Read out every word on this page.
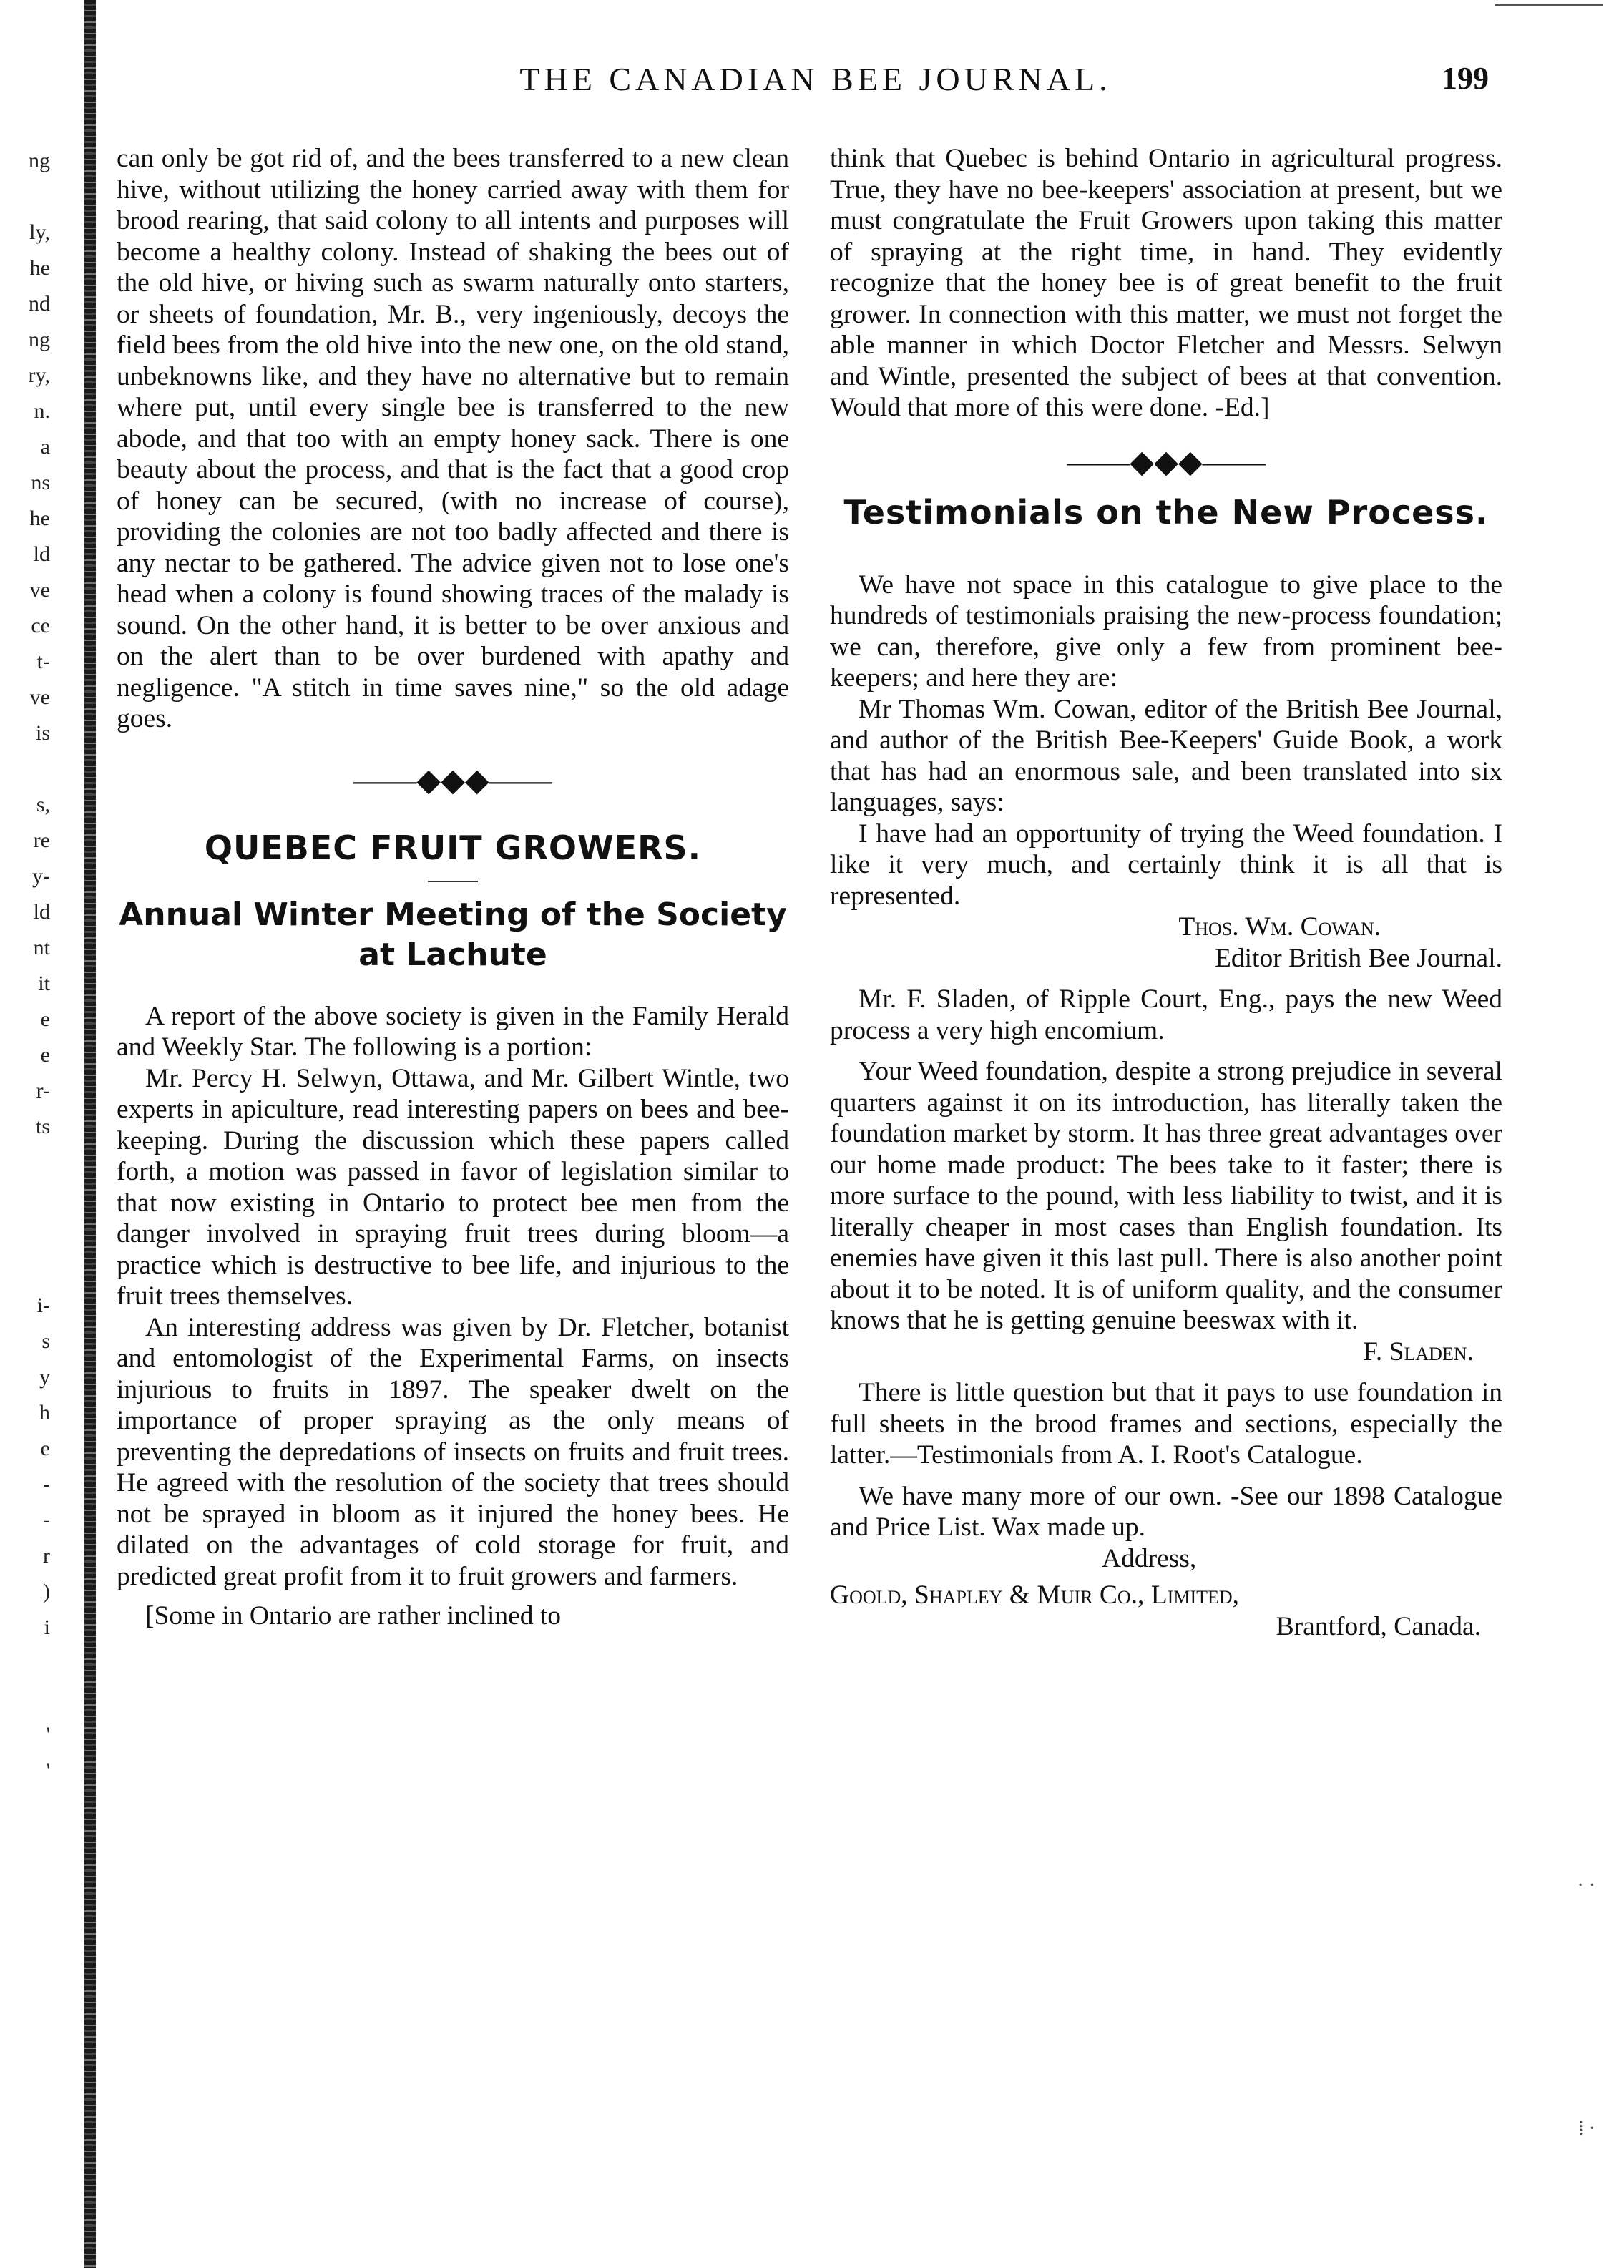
ng
ly,
he
nd
ng
ry,
n.
a
ns
he
ld
ve
ce
t-
ve
is
s,
re
y-
ld
nt
it
e
e
r-
ts
i-
s
y
h
e
-
-
r
)
i
'
'
THE CANADIAN BEE JOURNAL.	199

can only be got rid of, and the bees transferred to a new clean hive, without utilizing the honey carried away with them for brood rearing, that said colony to all intents and purposes will become a healthy colony. Instead of shaking the bees out of the old hive, or hiving such as swarm naturally onto starters, or sheets of foundation, Mr. B., very ingeniously, decoys the field bees from the old hive into the new one, on the old stand, unbeknowns like, and they have no alternative but to remain where put, until every single bee is transferred to the new abode, and that too with an empty honey sack. There is one beauty about the process, and that is the fact that a good crop of honey can be secured, (with no increase of course), providing the colonies are not too badly affected and there is any nectar to be gathered. The advice given not to lose one's head when a colony is found showing traces of the malady is sound. On the other hand, it is better to be over anxious and on the alert than to be over burdened with apathy and negligence. "A stitch in time saves nine," so the old adage goes.

——◆◆◆——
QUEBEC FRUIT GROWERS.
Annual Winter Meeting of the Society
at Lachute

A report of the above society is given in the Family Herald and Weekly Star. The following is a portion:

Mr. Percy H. Selwyn, Ottawa, and Mr. Gilbert Wintle, two experts in apiculture, read interesting papers on bees and bee-keeping. During the discussion which these papers called forth, a motion was passed in favor of legislation similar to that now existing in Ontario to protect bee men from the danger involved in spraying fruit trees during bloom—a practice which is destructive to bee life, and injurious to the fruit trees themselves.

An interesting address was given by Dr. Fletcher, botanist and entomologist of the Experimental Farms, on insects injurious to fruits in 1897. The speaker dwelt on the importance of proper spraying as the only means of preventing the depredations of insects on fruits and fruit trees. He agreed with the resolution of the society that trees should not be sprayed in bloom as it injured the honey bees. He dilated on the advantages of cold storage for fruit, and predicted great profit from it to fruit growers and farmers.

[Some in Ontario are rather inclined to

think that Quebec is behind Ontario in agricultural progress. True, they have no bee-keepers' association at present, but we must congratulate the Fruit Growers upon taking this matter of spraying at the right time, in hand. They evidently recognize that the honey bee is of great benefit to the fruit grower. In connection with this matter, we must not forget the able manner in which Doctor Fletcher and Messrs. Selwyn and Wintle, presented the subject of bees at that convention. Would that more of this were done. -Ed.]

——◆◆◆——
Testimonials on the New Process.

We have not space in this catalogue to give place to the hundreds of testimonials praising the new-process foundation; we can, therefore, give only a few from prominent bee-keepers; and here they are:

Mr Thomas Wm. Cowan, editor of the British Bee Journal, and author of the British Bee-Keepers' Guide Book, a work that has had an enormous sale, and been translated into six languages, says:

I have had an opportunity of trying the Weed foundation. I like it very much, and certainly think it is all that is represented.

Thos. Wm. Cowan.
Editor British Bee Journal.

Mr. F. Sladen, of Ripple Court, Eng., pays the new Weed process a very high encomium.

Your Weed foundation, despite a strong prejudice in several quarters against it on its introduction, has literally taken the foundation market by storm. It has three great advantages over our home made product: The bees take to it faster; there is more surface to the pound, with less liability to twist, and it is literally cheaper in most cases than English foundation. Its enemies have given it this last pull. There is also another point about it to be noted. It is of uniform quality, and the consumer knows that he is getting genuine beeswax with it.

F. Sladen.

There is little question but that it pays to use foundation in full sheets in the brood frames and sections, especially the latter.—Testimonials from A. I. Root's Catalogue.

We have many more of our own. -See our 1898 Catalogue and Price List. Wax made up.

Address,
Goold, Shapley & Muir Co., Limited,
Brantford, Canada.
· ·
⁞ ·
